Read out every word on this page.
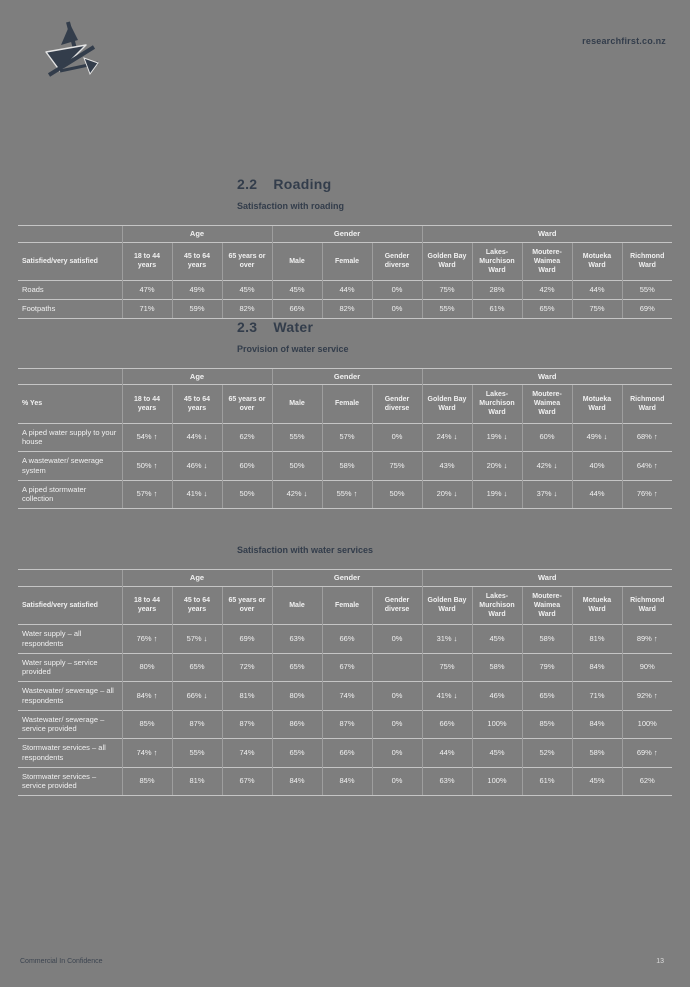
researchfirst.co.nz
2.2 Roading
Satisfaction with roading
	Age			Gender			Ward				
Satisfied/very satisfied	18 to 44 years	45 to 64 years	65 years or over	Male	Female	Gender diverse	Golden Bay Ward	Lakes-Murchison Ward	Moutere-Waimea Ward	Motueka Ward	Richmond Ward
Roads	47%	49%	45%	45%	44%	0%	75%	28%	42%	44%	55%
Footpaths	71%	59%	82%	66%	82%	0%	55%	61%	65%	75%	69%
2.3 Water
Provision of water service
	Age			Gender			Ward				
% Yes	18 to 44 years	45 to 64 years	65 years or over	Male	Female	Gender diverse	Golden Bay Ward	Lakes-Murchison Ward	Moutere-Waimea Ward	Motueka Ward	Richmond Ward
A piped water supply to your house	54% ↑	44% ↓	62%	55%	57%	0%	24% ↓	19% ↓	60%	49% ↓	68% ↑
A wastewater/ sewerage system	50% ↑	46% ↓	60%	50%	58%	75%	43%	20% ↓	42% ↓	40%	64% ↑
A piped stormwater collection	57% ↑	41% ↓	50%	42% ↓	55% ↑	50%	20% ↓	19% ↓	37% ↓	44%	76% ↑
Satisfaction with water services
	Age			Gender			Ward				
Satisfied/very satisfied	18 to 44 years	45 to 64 years	65 years or over	Male	Female	Gender diverse	Golden Bay Ward	Lakes-Murchison Ward	Moutere-Waimea Ward	Motueka Ward	Richmond Ward
Water supply – all respondents	76% ↑	57% ↓	69%	63%	66%	0%	31% ↓	45%	58%	81%	89% ↑
Water supply – service provided	80%	65%	72%	65%	67%		75%	58%	79%	84%	90%
Wastewater/ sewerage – all respondents	84% ↑	66% ↓	81%	80%	74%	0%	41% ↓	46%	65%	71%	92% ↑
Wastewater/ sewerage – service provided	85%	87%	87%	86%	87%	0%	66%	100%	85%	84%	100%
Stormwater services – all respondents	74% ↑	55%	74%	65%	66%	0%	44%	45%	52%	58%	69% ↑
Stormwater services – service provided	85%	81%	67%	84%	84%	0%	63%	100%	61%	45%	62%
Commercial In Confidence	13
